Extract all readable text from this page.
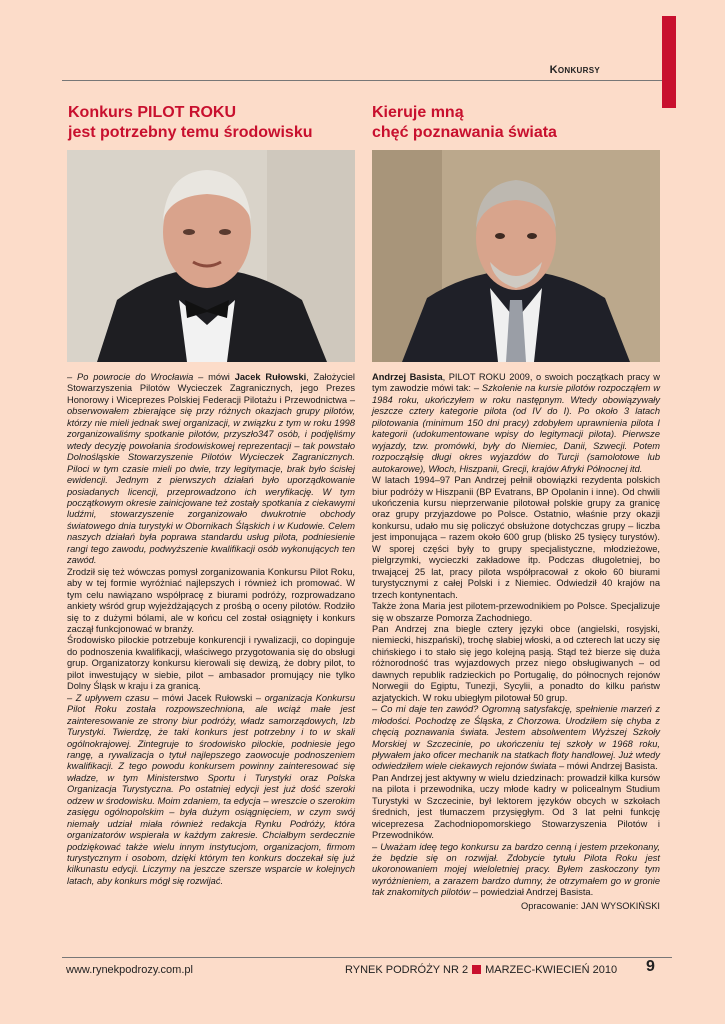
Konkursy
Konkurs PILOT ROKU
jest potrzebny temu środowisku
Kieruje mną
chęć poznawania świata

– Po powrocie do Wrocławia – mówi Jacek Rułowski, Założyciel Stowarzyszenia Pilotów Wycieczek Zagranicznych, jego Prezes Honorowy i Wiceprezes Polskiej Federacji Pilotażu i Przewodnictwa – obserwowałem zbierające się przy różnych okazjach grupy pilotów, którzy nie mieli jednak swej organizacji, w związku z tym w roku 1998 zorganizowaliśmy spotkanie pilotów, przyszło347 osób, i podjęliśmy wtedy decyzję powołania środowiskowej reprezentacji – tak powstało Dolnośląskie Stowarzyszenie Pilotów Wycieczek Zagranicznych. Piloci w tym czasie mieli po dwie, trzy legitymacje, brak było ścisłej ewidencji. Jednym z pierwszych działań było uporządkowanie posiadanych licencji, przeprowadzono ich weryfikację. W tym początkowym okresie zainicjowane też zostały spotkania z ciekawymi ludźmi, stowarzyszenie zorganizowało dwukrotnie obchody światowego dnia turystyki w Obornikach Śląskich i w Kudowie. Celem naszych działań była poprawa standardu usług pilota, podniesienie rangi tego zawodu, podwyższenie kwalifikacji osób wykonujących ten zawód.

Zrodził się też wówczas pomysł zorganizowania Konkursu Pilot Roku, aby w tej formie wyróżniać najlepszych i również ich promować. W tym celu nawiązano współpracę z biurami podróży, rozprowadzano ankiety wśród grup wyjeżdżających z prośbą o oceny pilotów. Rodziło się to z dużymi bólami, ale w końcu cel został osiągnięty i konkurs zaczął funkcjonować w branży.

Środowisko pilockie potrzebuje konkurencji i rywalizacji, co dopinguje do podnoszenia kwalifikacji, właściwego przygotowania się do obsługi grup. Organizatorzy konkursu kierowali się dewizą, że dobry pilot, to pilot inwestujący w siebie, pilot – ambasador promujący nie tylko Dolny Śląsk w kraju i za granicą.

– Z upływem czasu – mówi Jacek Rułowski – organizacja Konkursu Pilot Roku została rozpowszechniona, ale wciąż małe jest zainteresowanie ze strony biur podróży, władz samorządowych, Izb Turystyki. Twierdzę, że taki konkurs jest potrzebny i to w skali ogólnokrajowej. Zintegruje to środowisko pilockie, podniesie jego rangę, a rywalizacja o tytuł najlepszego zaowocuje podnoszeniem kwalifikacji. Z tego powodu konkursem powinny zainteresować się władze, w tym Ministerstwo Sportu i Turystyki oraz Polska Organizacja Turystyczna. Po ostatniej edycji jest już dość szeroki odzew w środowisku. Moim zdaniem, ta edycja – wreszcie o szerokim zasięgu ogólnopolskim – była dużym osiągnięciem, w czym swój niemały udział miała również redakcja Rynku Podróży, która organizatorów wspierała w każdym zakresie. Chciałbym serdecznie podziękować także wielu innym instytucjom, organizacjom, firmom turystycznym i osobom, dzięki którym ten konkurs doczekał się już kilkunastu edycji. Liczymy na jeszcze szersze wsparcie w kolejnych latach, aby konkurs mógł się rozwijać.

Andrzej Basista, PILOT ROKU 2009, o swoich początkach pracy w tym zawodzie mówi tak: – Szkolenie na kursie pilotów rozpocząłem w 1984 roku, ukończyłem w roku następnym. Wtedy obowiązywały jeszcze cztery kategorie pilota (od IV do I). Po około 3 latach pilotowania (minimum 150 dni pracy) zdobyłem uprawnienia pilota I kategorii (udokumentowane wpisy do legitymacji pilota). Pierwsze wyjazdy, tzw. promówki, były do Niemiec, Danii, Szwecji. Potem rozpocząłsię długi okres wyjazdów do Turcji (samolotowe lub autokarowe), Włoch, Hiszpanii, Grecji, krajów Afryki Północnej itd.

W latach 1994–97 Pan Andrzej pełnił obowiązki rezydenta polskich biur podróży w Hiszpanii (BP Evatrans, BP Opolanin i inne). Od chwili ukończenia kursu nieprzerwanie pilotował polskie grupy za granicę oraz grupy przyjazdowe po Polsce. Ostatnio, właśnie przy okazji konkursu, udało mu się policzyć obsłużone dotychczas grupy – liczba jest imponująca – razem około 600 grup (blisko 25 tysięcy turystów). W sporej części były to grupy specjalistyczne, młodzieżowe, pielgrzymki, wycieczki zakładowe itp. Podczas długoletniej, bo trwającej 25 lat, pracy pilota współpracował z około 60 biurami turystycznymi z całej Polski i z Niemiec. Odwiedził 40 krajów na trzech kontynentach.

Także żona Maria jest pilotem-przewodnikiem po Polsce. Specjalizuje się w obszarze Pomorza Zachodniego.

Pan Andrzej zna biegle cztery języki obce (angielski, rosyjski, niemiecki, hiszpański), trochę słabiej włoski, a od czterech lat uczy się chińskiego i to stało się jego kolejną pasją. Stąd też bierze się duża różnorodność tras wyjazdowych przez niego obsługiwanych – od dawnych republik radzieckich po Portugalię, do północnych rejonów Norwegii do Egiptu, Tunezji, Sycylii, a ponadto do kilku państw azjatyckich. W roku ubiegłym pilotował 50 grup.

– Co mi daje ten zawód? Ogromną satysfakcję, spełnienie marzeń z młodości. Pochodzę ze Śląska, z Chorzowa. Urodziłem się chyba z chęcią poznawania świata. Jestem absolwentem Wyższej Szkoły Morskiej w Szczecinie, po ukończeniu tej szkoły w 1968 roku, pływałem jako oficer mechanik na statkach floty handlowej. Już wtedy odwiedziłem wiele ciekawych rejonów świata – mówi Andrzej Basista.

Pan Andrzej jest aktywny w wielu dziedzinach: prowadził kilka kursów na pilota i przewodnika, uczy młode kadry w policealnym Studium Turystyki w Szczecinie, był lektorem języków obcych w szkołach średnich, jest tłumaczem przysięgłym. Od 3 lat pełni funkcję wiceprezesa Zachodniopomorskiego Stowarzyszenia Pilotów i Przewodników.

– Uważam ideę tego konkursu za bardzo cenną i jestem przekonany, że będzie się on rozwijał. Zdobycie tytułu Pilota Roku jest ukoronowaniem mojej wieloletniej pracy. Byłem zaskoczony tym wyróżnieniem, a zarazem bardzo dumny, że otrzymałem go w gronie tak znakomitych pilotów – powiedział Andrzej Basista.

Opracowanie: JAN WYSOKIŃSKI

www.rynekpodrozy.com.pl	RYNEK PODRÓŻY NR 2 MARZEC-KWIECIEŃ 2010 9
